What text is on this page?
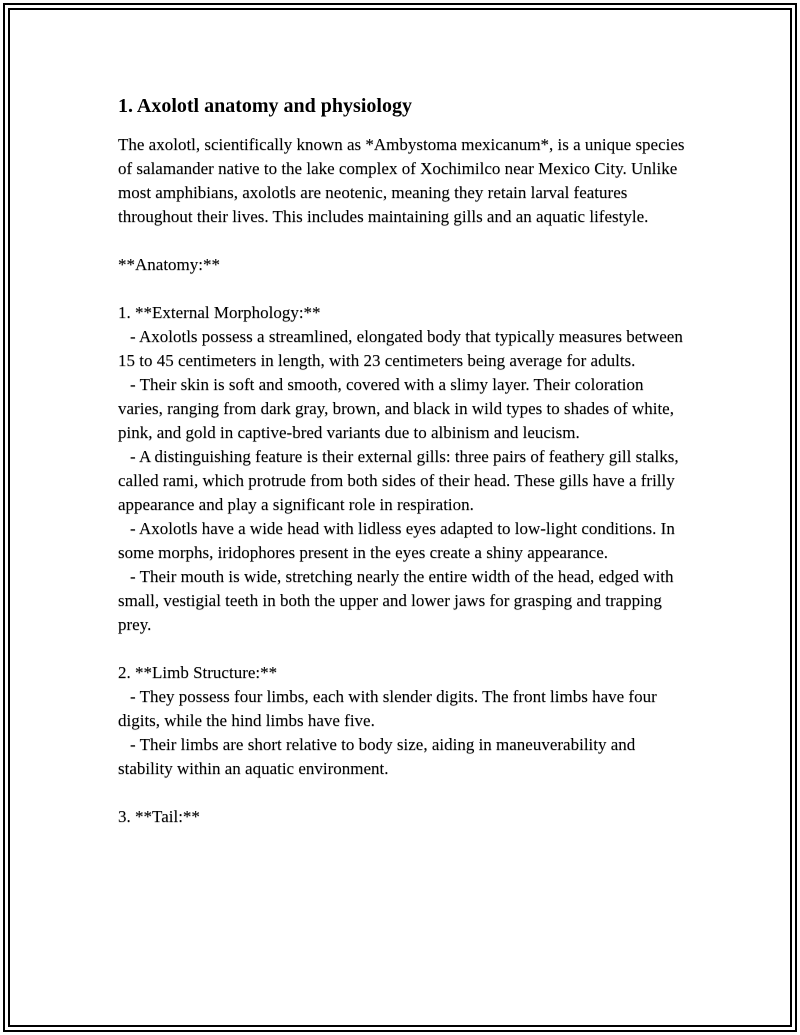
1. Axolotl anatomy and physiology

The axolotl, scientifically known as *Ambystoma mexicanum*, is a unique species of salamander native to the lake complex of Xochimilco near Mexico City. Unlike most amphibians, axolotls are neotenic, meaning they retain larval features throughout their lives. This includes maintaining gills and an aquatic lifestyle.

**Anatomy:**

1. **External Morphology:**

- Axolotls possess a streamlined, elongated body that typically measures between 15 to 45 centimeters in length, with 23 centimeters being average for adults.

- Their skin is soft and smooth, covered with a slimy layer. Their coloration varies, ranging from dark gray, brown, and black in wild types to shades of white, pink, and gold in captive-bred variants due to albinism and leucism.

- A distinguishing feature is their external gills: three pairs of feathery gill stalks, called rami, which protrude from both sides of their head. These gills have a frilly appearance and play a significant role in respiration.

- Axolotls have a wide head with lidless eyes adapted to low-light conditions. In some morphs, iridophores present in the eyes create a shiny appearance.

- Their mouth is wide, stretching nearly the entire width of the head, edged with small, vestigial teeth in both the upper and lower jaws for grasping and trapping prey.

2. **Limb Structure:**

- They possess four limbs, each with slender digits. The front limbs have four digits, while the hind limbs have five.

- Their limbs are short relative to body size, aiding in maneuverability and stability within an aquatic environment.

3. **Tail:**
